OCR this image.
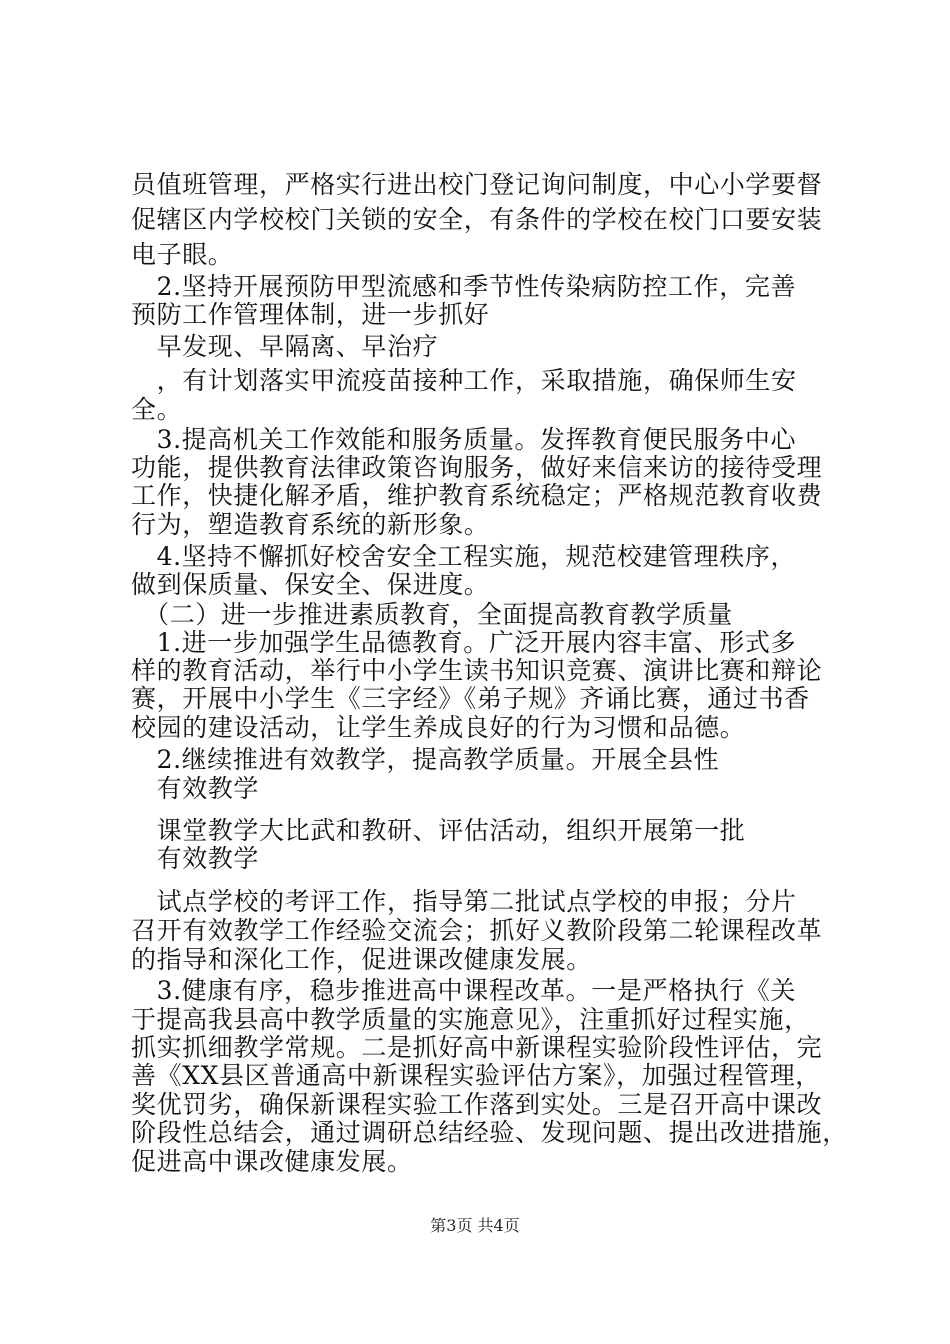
员值班管理，严格实行进出校门登记询问制度，中心小学要督
促辖区内学校校门关锁的安全，有条件的学校在校门口要安装
电子眼。
　2.坚持开展预防甲型流感和季节性传染病防控工作，完善
预防工作管理体制，进一步抓好
　早发现、早隔离、早治疗
　，有计划落实甲流疫苗接种工作，采取措施，确保师生安
全。
　3.提高机关工作效能和服务质量。发挥教育便民服务中心
功能，提供教育法律政策咨询服务，做好来信来访的接待受理
工作，快捷化解矛盾，维护教育系统稳定；严格规范教育收费
行为，塑造教育系统的新形象。
　4.坚持不懈抓好校舍安全工程实施，规范校建管理秩序，
做到保质量、保安全、保进度。
　（二）进一步推进素质教育，全面提高教育教学质量
　1.进一步加强学生品德教育。广泛开展内容丰富、形式多
样的教育活动，举行中小学生读书知识竞赛、演讲比赛和辩论
赛，开展中小学生《三字经》《弟子规》齐诵比赛，通过书香
校园的建设活动，让学生养成良好的行为习惯和品德。
　2.继续推进有效教学，提高教学质量。开展全县性
　有效教学
　课堂教学大比武和教研、评估活动，组织开展第一批
　有效教学
　试点学校的考评工作，指导第二批试点学校的申报；分片
召开有效教学工作经验交流会；抓好义教阶段第二轮课程改革
的指导和深化工作，促进课改健康发展。
　3.健康有序，稳步推进高中课程改革。一是严格执行《关
于提高我县高中教学质量的实施意见》，注重抓好过程实施，
抓实抓细教学常规。二是抓好高中新课程实验阶段性评估，完
善《XX县区普通高中新课程实验评估方案》，加强过程管理，
奖优罚劣，确保新课程实验工作落到实处。三是召开高中课改
阶段性总结会，通过调研总结经验、发现问题、提出改进措施，
促进高中课改健康发展。
第3页 共4页
